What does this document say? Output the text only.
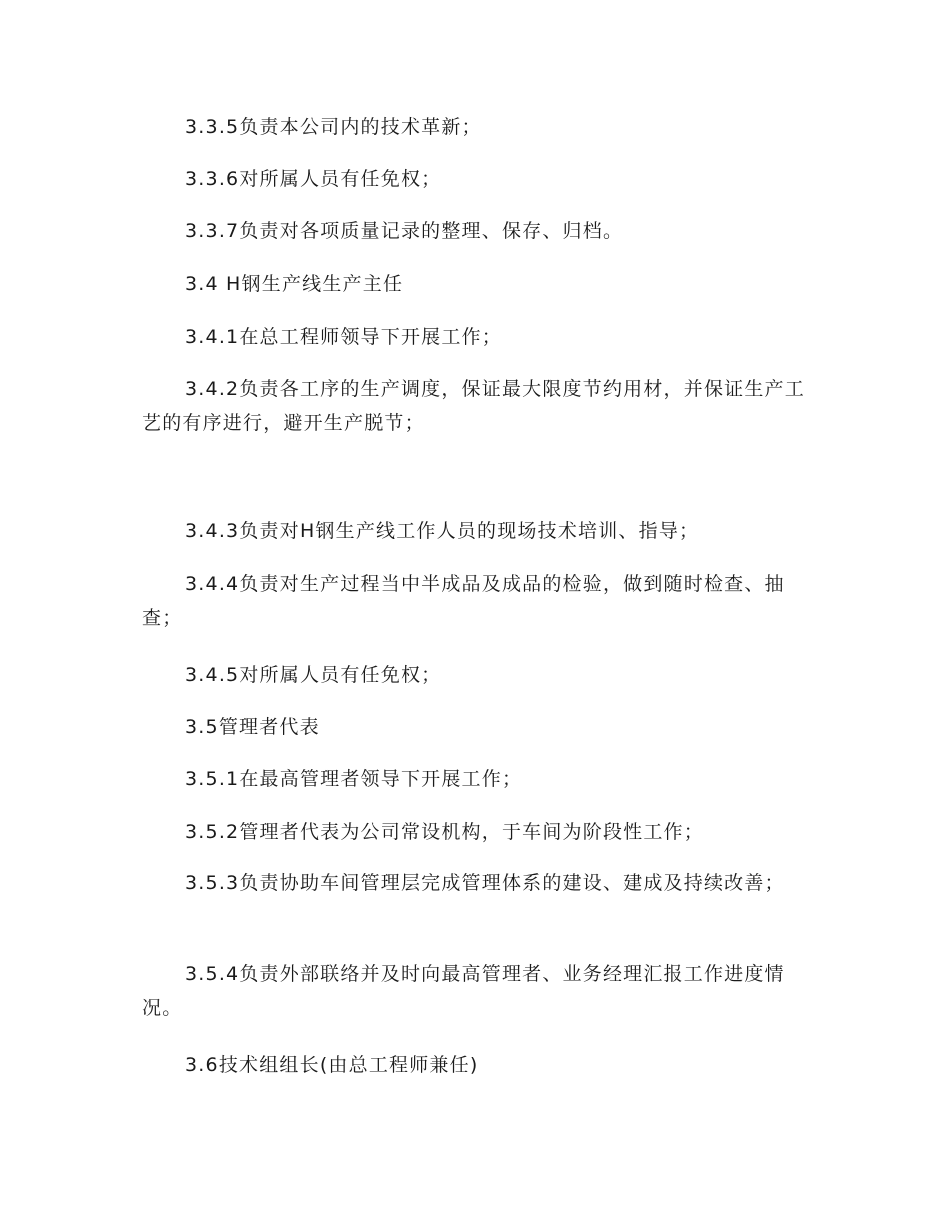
3.3.5负责本公司内的技术革新；

3.3.6对所属人员有任免权；

3.3.7负责对各项质量记录的整理、保存、归档。

3.4 H钢生产线生产主任

3.4.1在总工程师领导下开展工作；

3.4.2负责各工序的生产调度，保证最大限度节约用材，并保证生产工艺的有序进行，避开生产脱节；

3.4.3负责对H钢生产线工作人员的现场技术培训、指导；

3.4.4负责对生产过程当中半成品及成品的检验，做到随时检查、抽查；

3.4.5对所属人员有任免权；

3.5管理者代表

3.5.1在最高管理者领导下开展工作；

3.5.2管理者代表为公司常设机构，于车间为阶段性工作；

3.5.3负责协助车间管理层完成管理体系的建设、建成及持续改善；

3.5.4负责外部联络并及时向最高管理者、业务经理汇报工作进度情况。

3.6技术组组长(由总工程师兼任)
